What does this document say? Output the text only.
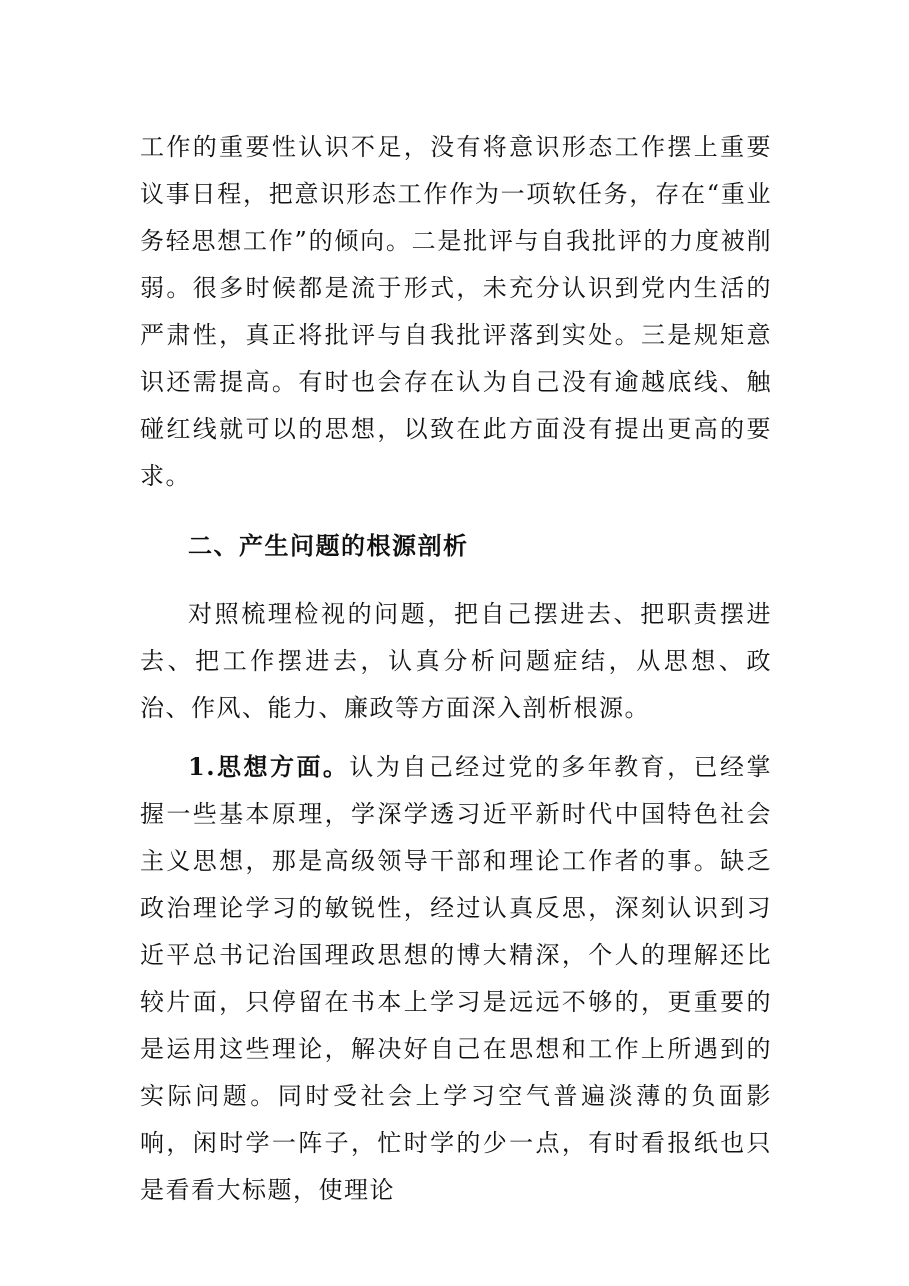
工作的重要性认识不足，没有将意识形态工作摆上重要议事日程，把意识形态工作作为一项软任务，存在“重业务轻思想工作”的倾向。二是批评与自我批评的力度被削弱。很多时候都是流于形式，未充分认识到党内生活的严肃性，真正将批评与自我批评落到实处。三是规矩意识还需提高。有时也会存在认为自己没有逾越底线、触碰红线就可以的思想，以致在此方面没有提出更高的要求。

二、产生问题的根源剖析

对照梳理检视的问题，把自己摆进去、把职责摆进去、把工作摆进去，认真分析问题症结，从思想、政治、作风、能力、廉政等方面深入剖析根源。

1.思想方面。认为自己经过党的多年教育，已经掌握一些基本原理，学深学透习近平新时代中国特色社会主义思想，那是高级领导干部和理论工作者的事。缺乏政治理论学习的敏锐性，经过认真反思，深刻认识到习近平总书记治国理政思想的博大精深，个人的理解还比较片面，只停留在书本上学习是远远不够的，更重要的是运用这些理论，解决好自己在思想和工作上所遇到的实际问题。同时受社会上学习空气普遍淡薄的负面影响，闲时学一阵子，忙时学的少一点，有时看报纸也只是看看大标题，使理论
